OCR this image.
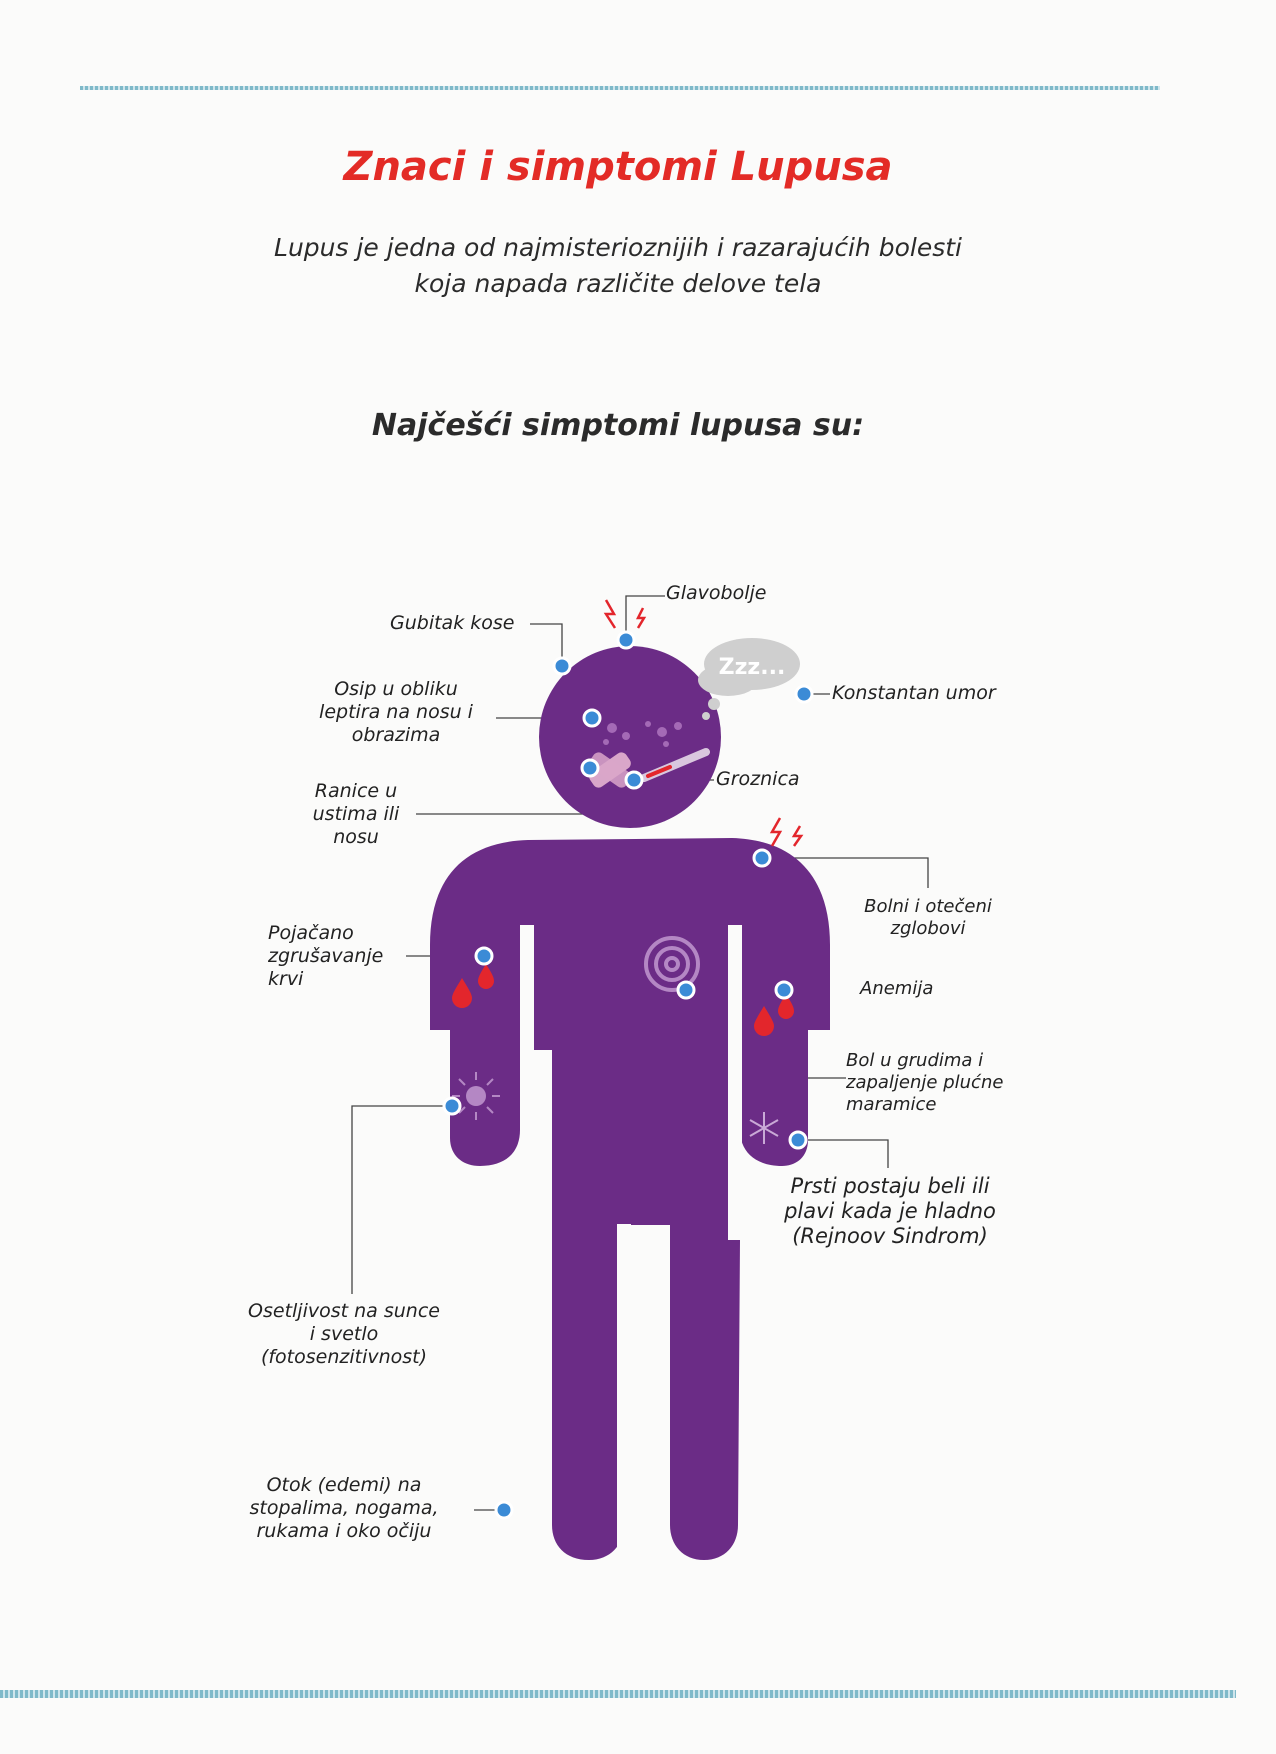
Znaci i simptomi Lupusa
Lupus je jedna od najmisterioznijih i razarajućih bolesti
koja napada različite delove tela
Najčešći simptomi lupusa su:
Zzz...
Glavobolje
Gubitak kose
Konstantan umor
Osip u obliku
leptira na nosu i
obrazima
Groznica
Ranice u
ustima ili
nosu
Bolni i otečeni
zglobovi
Pojačano
zgrušavanje
krvi	Anemija
Bol u grudima i
zapaljenje plućne
maramice
Prsti postaju beli ili
plavi kada je hladno
(Rejnoov Sindrom)
Osetljivost na sunce
i svetlo
(fotosenzitivnost)
Otok (edemi) na
stopalima, nogama,
rukama i oko očiju
